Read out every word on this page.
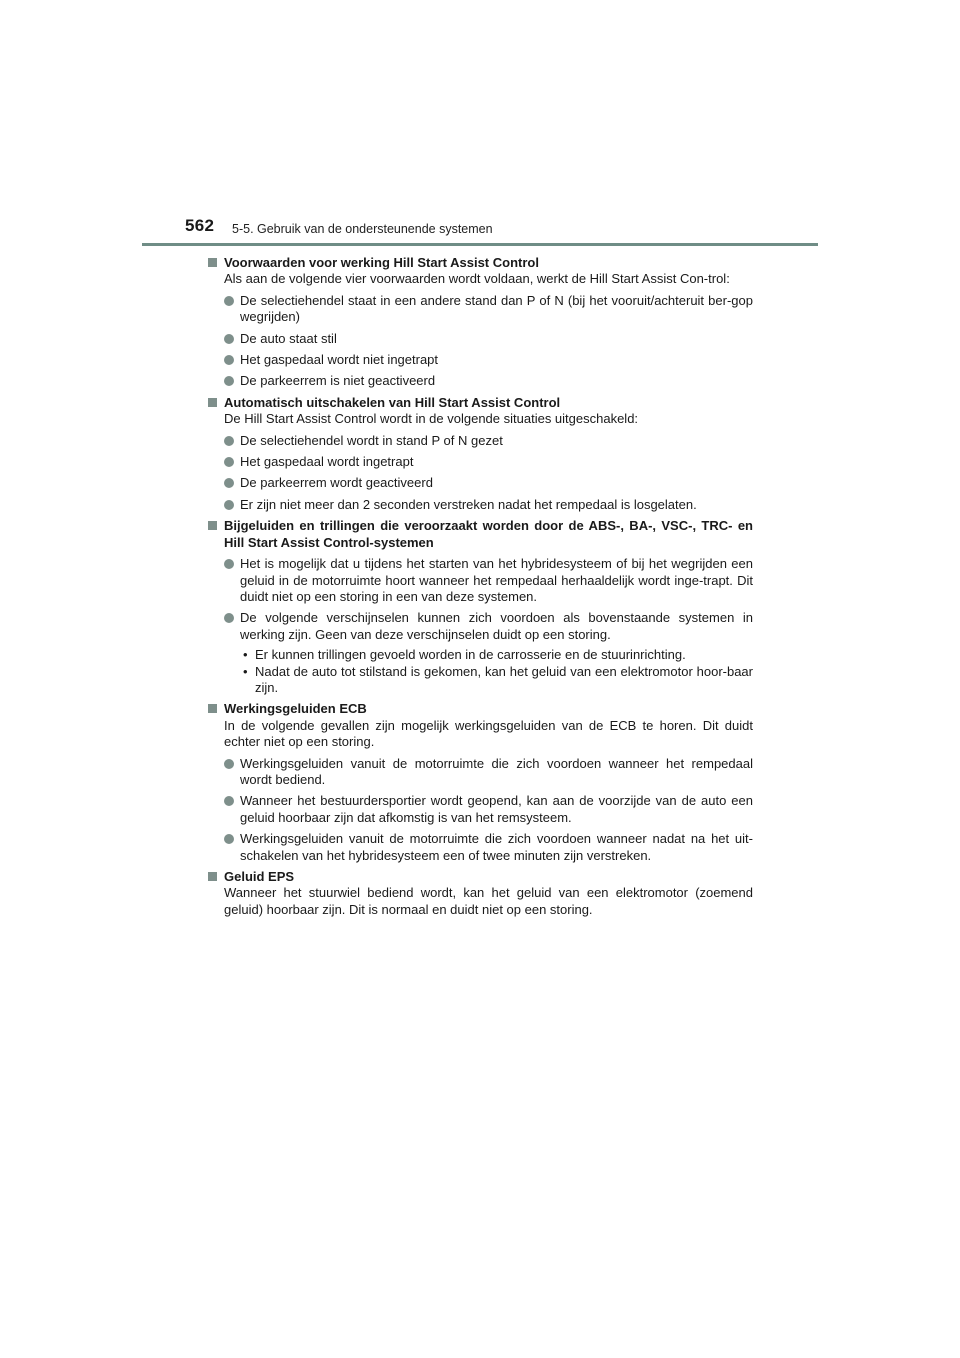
562 5-5. Gebruik van de ondersteunende systemen
Voorwaarden voor werking Hill Start Assist Control
Als aan de volgende vier voorwaarden wordt voldaan, werkt de Hill Start Assist Con-trol:
De selectiehendel staat in een andere stand dan P of N (bij het vooruit/achteruit ber-gop wegrijden)
De auto staat stil
Het gaspedaal wordt niet ingetrapt
De parkeerrem is niet geactiveerd
Automatisch uitschakelen van Hill Start Assist Control
De Hill Start Assist Control wordt in de volgende situaties uitgeschakeld:
De selectiehendel wordt in stand P of N gezet
Het gaspedaal wordt ingetrapt
De parkeerrem wordt geactiveerd
Er zijn niet meer dan 2 seconden verstreken nadat het rempedaal is losgelaten.
Bijgeluiden en trillingen die veroorzaakt worden door de ABS-, BA-, VSC-, TRC- en Hill Start Assist Control-systemen
Het is mogelijk dat u tijdens het starten van het hybridesysteem of bij het wegrijden een geluid in de motorruimte hoort wanneer het rempedaal herhaaldelijk wordt inge-trapt. Dit duidt niet op een storing in een van deze systemen.
De volgende verschijnselen kunnen zich voordoen als bovenstaande systemen in werking zijn. Geen van deze verschijnselen duidt op een storing.
• Er kunnen trillingen gevoeld worden in de carrosserie en de stuurinrichting.
• Nadat de auto tot stilstand is gekomen, kan het geluid van een elektromotor hoor-baar zijn.
Werkingsgeluiden ECB
In de volgende gevallen zijn mogelijk werkingsgeluiden van de ECB te horen. Dit duidt echter niet op een storing.
Werkingsgeluiden vanuit de motorruimte die zich voordoen wanneer het rempedaal wordt bediend.
Wanneer het bestuurdersportier wordt geopend, kan aan de voorzijde van de auto een geluid hoorbaar zijn dat afkomstig is van het remsysteem.
Werkingsgeluiden vanuit de motorruimte die zich voordoen wanneer nadat na het uit-schakelen van het hybridesysteem een of twee minuten zijn verstreken.
Geluid EPS
Wanneer het stuurwiel bediend wordt, kan het geluid van een elektromotor (zoemend geluid) hoorbaar zijn. Dit is normaal en duidt niet op een storing.
